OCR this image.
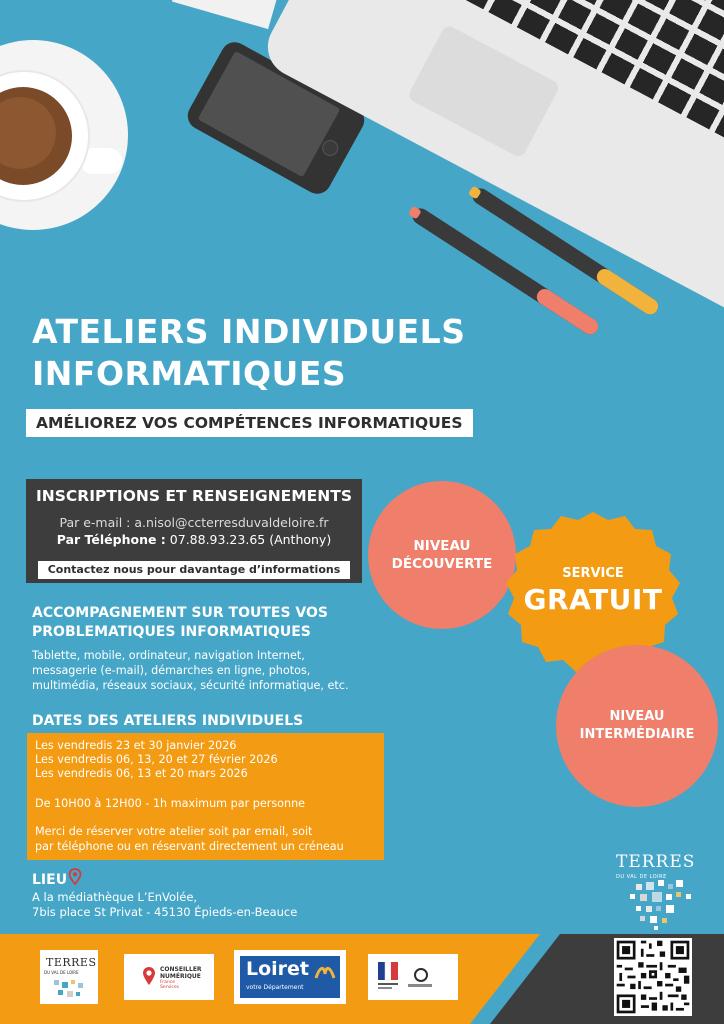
ATELIERS INDIVIDUELS
INFORMATIQUES
AMÉLIOREZ VOS COMPÉTENCES INFORMATIQUES
INSCRIPTIONS ET RENSEIGNEMENTS
Par e-mail : a.nisol@ccterresduvaldeloire.fr
Par Téléphone : 07.88.93.23.65 (Anthony)
Contactez nous pour davantage d’informations
NIVEAU
DÉCOUVERTE
SERVICE
GRATUIT
NIVEAU
INTERMÉDIAIRE
ACCOMPAGNEMENT SUR TOUTES VOS
PROBLEMATIQUES INFORMATIQUES
Tablette, mobile, ordinateur, navigation Internet,
messagerie (e-mail), démarches en ligne, photos,
multimédia, réseaux sociaux, sécurité informatique, etc.
DATES DES ATELIERS INDIVIDUELS
Les vendredis 23 et 30 janvier 2026
Les vendredis 06, 13, 20 et 27 février 2026
Les vendredis 06, 13 et 20 mars 2026
De 10H00 à 12H00 - 1h maximum par personne
Merci de réserver votre atelier soit par email, soit
par téléphone ou en réservant directement un créneau
LIEU
A la médiathèque L’EnVolée,
7bis place St Privat - 45130 Épieds-en-Beauce
TERRES
DU VAL DE LOIRE
TERRES
DU VAL DE LOIRE	CONSEILLER
NUMÉRIQUE
France
Services
Loiret
votre Département
